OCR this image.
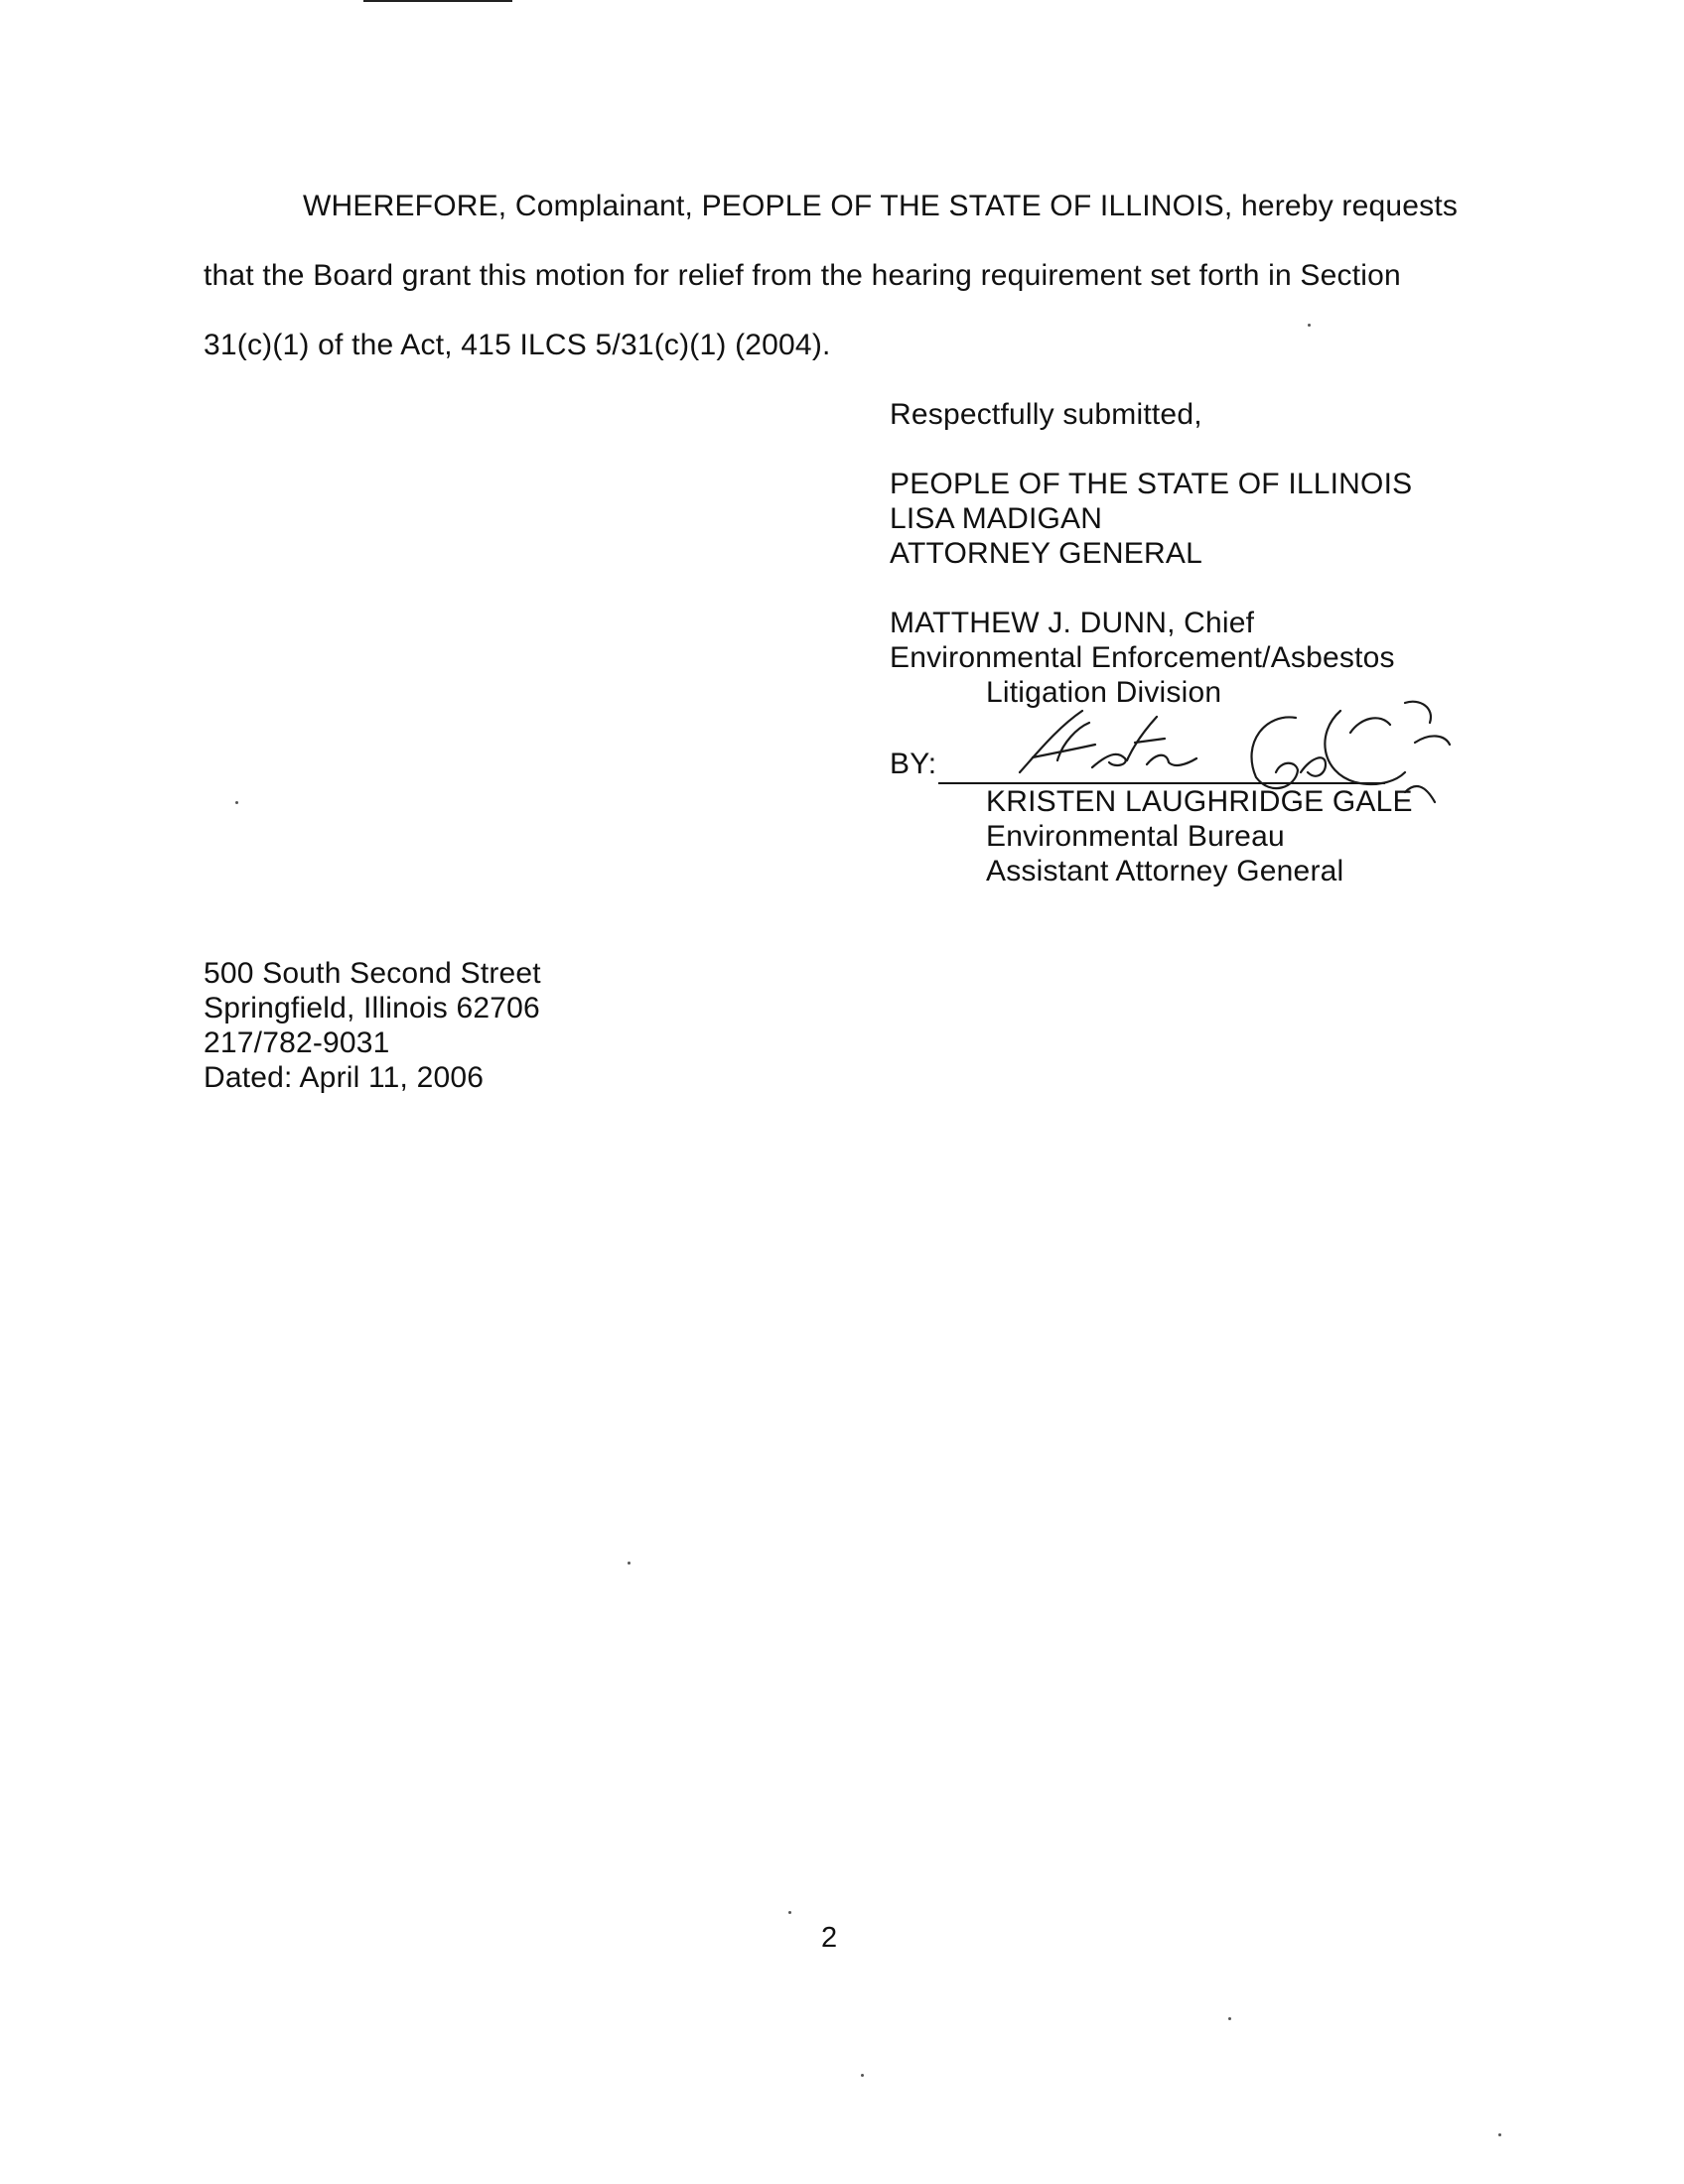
WHEREFORE, Complainant, PEOPLE OF THE STATE OF ILLINOIS, hereby requests
that the Board grant this motion for relief from the hearing requirement set forth in Section
31(c)(1) of the Act, 415 ILCS 5/31(c)(1) (2004).
Respectfully submitted,
PEOPLE OF THE STATE OF ILLINOIS
LISA MADIGAN
ATTORNEY GENERAL
MATTHEW J. DUNN, Chief
Environmental Enforcement/Asbestos
Litigation Division
BY:
KRISTEN LAUGHRIDGE GALE
Environmental Bureau
Assistant Attorney General
500 South Second Street
Springfield, Illinois 62706
217/782-9031
Dated: April 11, 2006
2
